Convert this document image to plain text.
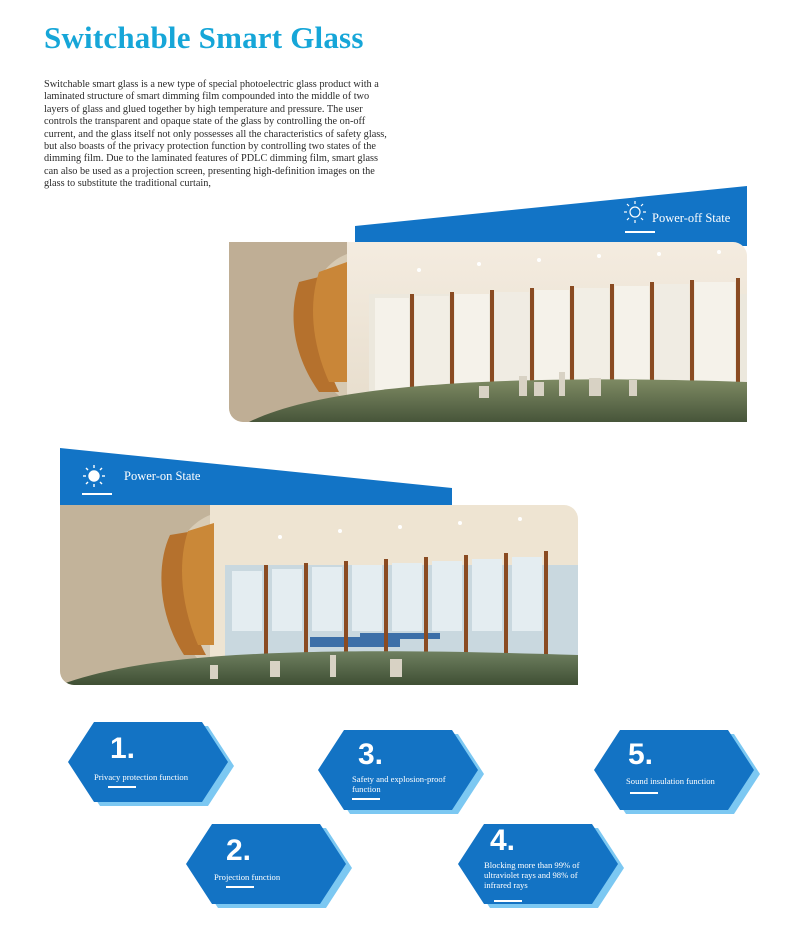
Switchable Smart Glass

Switchable smart glass is a new type of special photoelectric glass product with a laminated structure of smart dimming film compounded into the middle of two layers of glass and glued together by high temperature and pressure. The user controls the transparent and opaque state of the glass by controlling the on-off current, and the glass itself not only possesses all the characteristics of safety glass, but also boasts of the privacy protection function by controlling two states of the dimming film. Due to the laminated features of PDLC dimming film, smart glass can also be used as a projection screen, presenting high-definition images on the glass to substitute the traditional curtain,

Power-off State
Power-on State
1.
Privacy protection function
2.
Projection function
3.
Safety and explosion-proof function
4.
Blocking more than 99% of ultraviolet rays and 98% of infrared rays
5.
Sound insulation function
